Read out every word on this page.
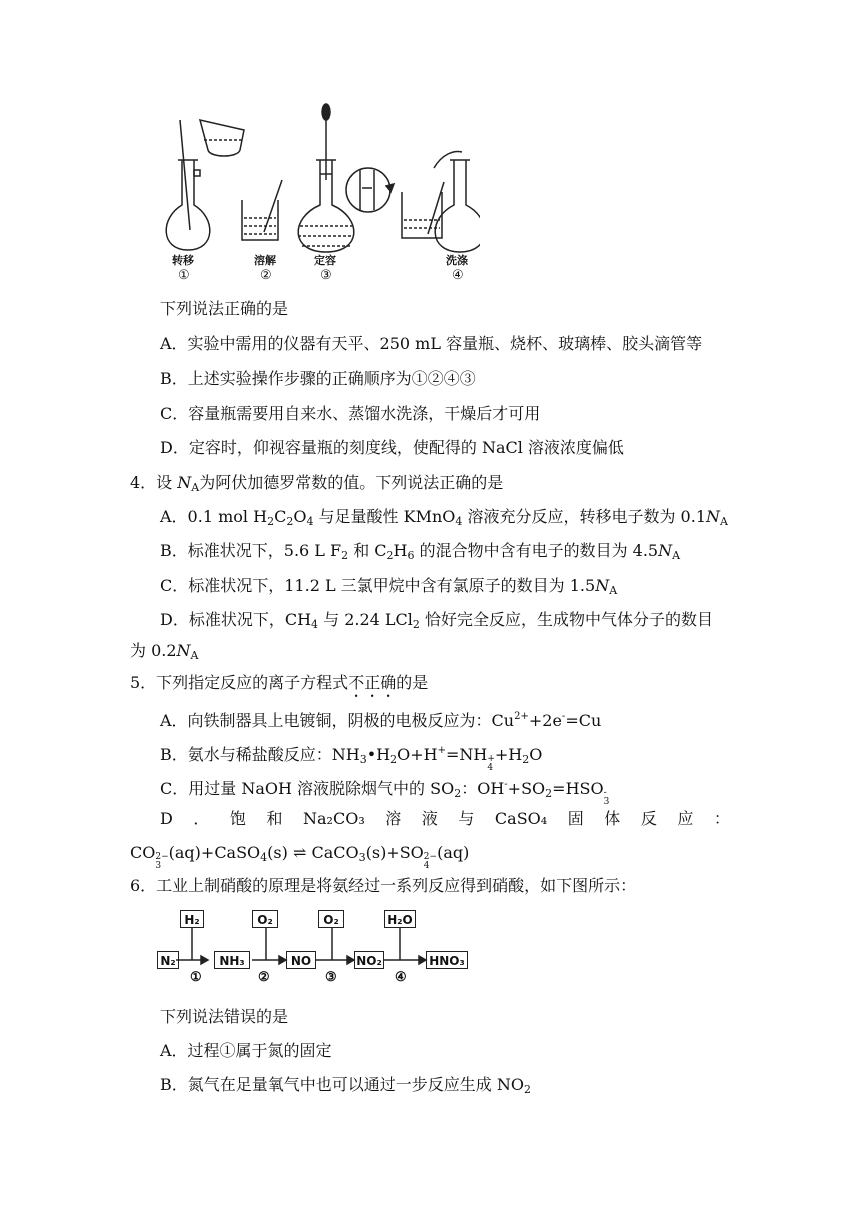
转移	溶解	定容	洗涤
①	②	③	④
下列说法正确的是
A．实验中需用的仪器有天平、250 mL 容量瓶、烧杯、玻璃棒、胶头滴管等
B．上述实验操作步骤的正确顺序为①②④③
C．容量瓶需要用自来水、蒸馏水洗涤，干燥后才可用
D．定容时，仰视容量瓶的刻度线，使配得的 NaCl 溶液浓度偏低
4．设 NA为阿伏加德罗常数的值。下列说法正确的是
A．0.1 mol H2C2O4 与足量酸性 KMnO4 溶液充分反应，转移电子数为 0.1NA
B．标准状况下，5.6 L F2 和 C2H6 的混合物中含有电子的数目为 4.5NA
C．标准状况下，11.2 L 三氯甲烷中含有氯原子的数目为 1.5NA
D．标准状况下，CH4 与 2.24 LCl2 恰好完全反应，生成物中气体分子的数目
为 0.2NA
5．下列指定反应的离子方程式不正确的是
A．向铁制器具上电镀铜，阴极的电极反应为：$Cu^{2+}+2e^-=Cu$
B．氨水与稀盐酸反应：NH3•H2O+H+=NH +
4
+H2O
C．用过量 NaOH 溶液脱除烟气中的 SO2：OH-+SO2=HSO -
3
D ． 饱 和 Na₂CO₃ 溶 液 与 CaSO₄ 固 体 反 应 ：
CO 2−
3
(aq)+CaSO4(s) ⇌ CaCO3(s)+SO 2−
4
(aq)
6．工业上制硝酸的原理是将氨经过一系列反应得到硝酸，如下图所示：
H₂	O₂	O₂	H₂O
N₂	NH₃	NO	NO₂	HNO₃
①	②	③	④
下列说法错误的是
A．过程①属于氮的固定
B．氮气在足量氧气中也可以通过一步反应生成 NO2
